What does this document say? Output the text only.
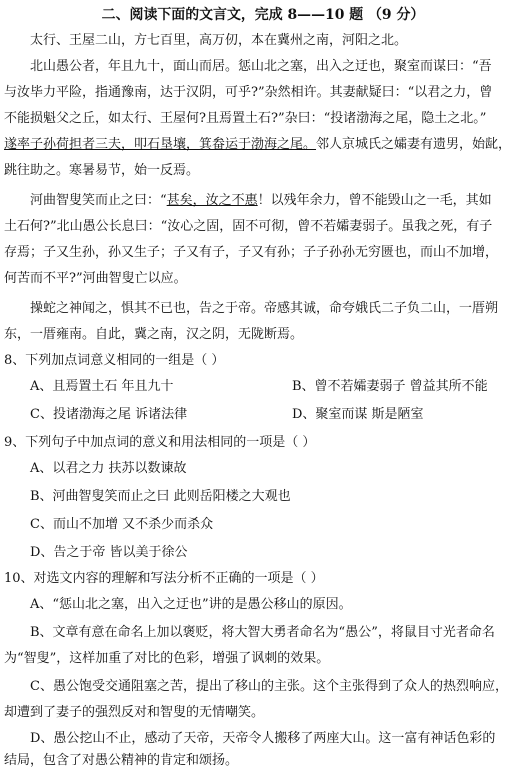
二、阅读下面的文言文，完成 8——10 题 （9 分）
太行、王屋二山，方七百里，高万仞，本在冀州之南，河阳之北。
北山愚公者，年且九十，面山而居。惩山北之塞，出入之迂也，聚室而谋曰：“吾
与汝毕力平险，指通豫南，达于汉阴，可乎?”杂然相许。其妻献疑曰：“以君之力，曾
不能损魁父之丘，如太行、王屋何?且焉置土石?”杂曰：“投诸渤海之尾，隐土之北。”
遂率子孙荷担者三夫，叩石垦壤，箕畚运于渤海之尾。邻人京城氏之孀妻有遗男，始龀，
跳往助之。寒暑易节，始一反焉。
河曲智叟笑而止之曰：“甚矣，汝之不惠！以残年余力，曾不能毁山之一毛，其如
土石何?”北山愚公长息曰：“汝心之固，固不可彻，曾不若孀妻弱子。虽我之死，有子
存焉；子又生孙，孙又生子；子又有子，子又有孙；子子孙孙无穷匮也，而山不加增，
何苦而不平?”河曲智叟亡以应。
操蛇之神闻之，惧其不已也，告之于帝。帝感其诚，命夸娥氏二子负二山，一厝朔
东，一厝雍南。自此，冀之南，汉之阴，无陇断焉。
8、下列加点词意义相同的一组是（ ）
A、且焉置土石 年且九十	B、曾不若孀妻弱子 曾益其所不能
C、投诸渤海之尾 诉诸法律	D、聚室而谋 斯是陋室
9、下列句子中加点词的意义和用法相同的一项是（ ）
A、以君之力 扶苏以数谏故
B、河曲智叟笑而止之曰 此则岳阳楼之大观也
C、而山不加增 又不杀少而杀众
D、告之于帝 皆以美于徐公
10、对选文内容的理解和写法分析不正确的一项是（ ）
A、“惩山北之塞，出入之迂也”讲的是愚公移山的原因。
B、文章有意在命名上加以褒贬，将大智大勇者命名为“愚公”，将鼠目寸光者命名
为“智叟”，这样加重了对比的色彩，增强了讽刺的效果。
C、愚公饱受交通阻塞之苦，提出了移山的主张。这个主张得到了众人的热烈响应，
却遭到了妻子的强烈反对和智叟的无情嘲笑。
D、愚公挖山不止，感动了天帝，天帝令人搬移了两座大山。这一富有神话色彩的
结局，包含了对愚公精神的肯定和颂扬。
